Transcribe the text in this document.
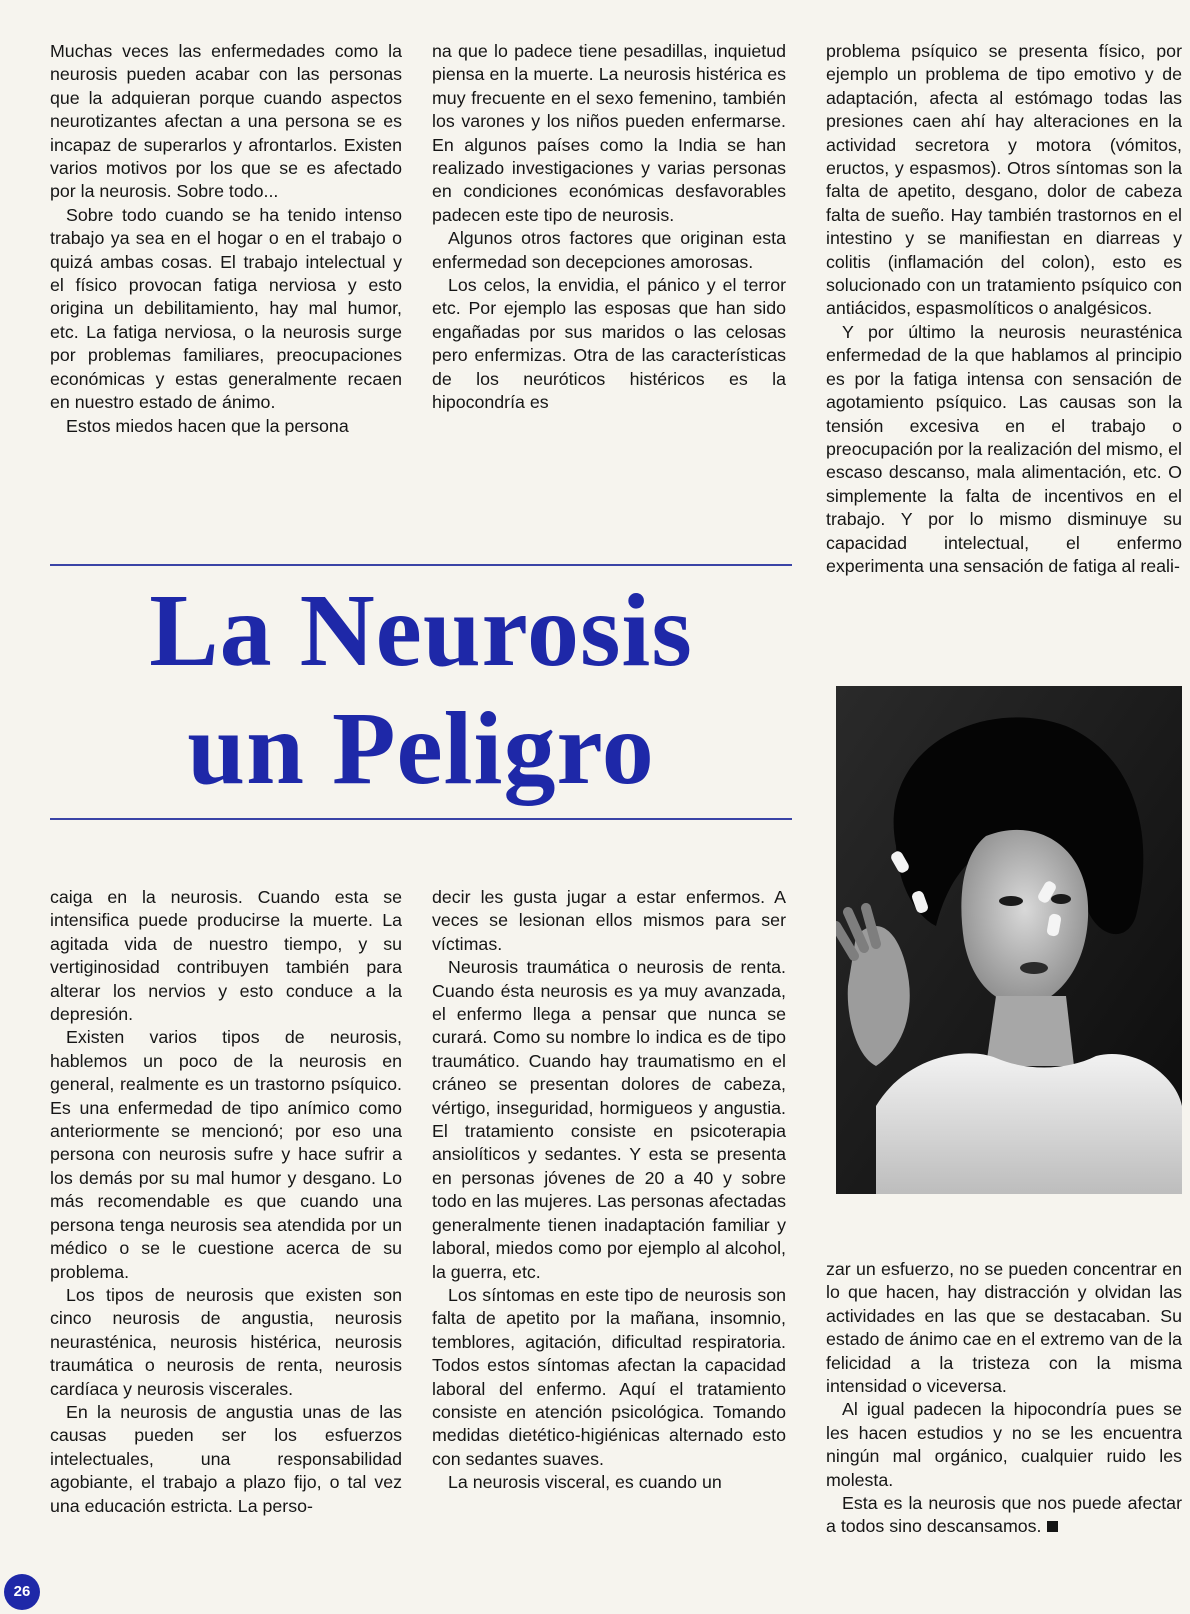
Muchas veces las enfermedades como la neurosis pueden acabar con las personas que la adquieran porque cuando aspectos neurotizantes afectan a una persona se es incapaz de superarlos y afrontarlos. Existen varios motivos por los que se es afectado por la neurosis. Sobre todo...

Sobre todo cuando se ha tenido intenso trabajo ya sea en el hogar o en el trabajo o quizá ambas cosas. El trabajo intelectual y el físico provocan fatiga nerviosa y esto origina un debilitamiento, hay mal humor, etc. La fatiga nerviosa, o la neurosis surge por problemas familiares, preocupaciones económicas y estas generalmente recaen en nuestro estado de ánimo.

Estos miedos hacen que la persona

na que lo padece tiene pesadillas, inquietud piensa en la muerte. La neurosis histérica es muy frecuente en el sexo femenino, también los varones y los niños pueden enfermarse. En algunos países como la India se han realizado investigaciones y varias personas en condiciones económicas desfavorables padecen este tipo de neurosis.

Algunos otros factores que originan esta enfermedad son decepciones amorosas.

Los celos, la envidia, el pánico y el terror etc. Por ejemplo las esposas que han sido engañadas por sus maridos o las celosas pero enfermizas. Otra de las características de los neuróticos histéricos es la hipocondría es

problema psíquico se presenta físico, por ejemplo un problema de tipo emotivo y de adaptación, afecta al estómago todas las presiones caen ahí hay alteraciones en la actividad secretora y motora (vómitos, eructos, y espasmos). Otros síntomas son la falta de apetito, desgano, dolor de cabeza falta de sueño. Hay también trastornos en el intestino y se manifiestan en diarreas y colitis (inflamación del colon), esto es solucionado con un tratamiento psíquico con antiácidos, espasmolíticos o analgésicos.

Y por último la neurosis neurasténica enfermedad de la que hablamos al principio es por la fatiga intensa con sensación de agotamiento psíquico. Las causas son la tensión excesiva en el trabajo o preocupación por la realización del mismo, el escaso descanso, mala alimentación, etc. O simplemente la falta de incentivos en el trabajo. Y por lo mismo disminuye su capacidad intelectual, el enfermo experimenta una sensación de fatiga al reali-

La Neurosis
un Peligro

caiga en la neurosis. Cuando esta se intensifica puede producirse la muerte. La agitada vida de nuestro tiempo, y su vertiginosidad contribuyen también para alterar los nervios y esto conduce a la depresión.

Existen varios tipos de neurosis, hablemos un poco de la neurosis en general, realmente es un trastorno psíquico. Es una enfermedad de tipo anímico como anteriormente se mencionó; por eso una persona con neurosis sufre y hace sufrir a los demás por su mal humor y desgano. Lo más recomendable es que cuando una persona tenga neurosis sea atendida por un médico o se le cuestione acerca de su problema.

Los tipos de neurosis que existen son cinco neurosis de angustia, neurosis neurasténica, neurosis histérica, neurosis traumática o neurosis de renta, neurosis cardíaca y neurosis viscerales.

En la neurosis de angustia unas de las causas pueden ser los esfuerzos intelectuales, una responsabilidad agobiante, el trabajo a plazo fijo, o tal vez una educación estricta. La perso-

decir les gusta jugar a estar enfermos. A veces se lesionan ellos mismos para ser víctimas.

Neurosis traumática o neurosis de renta. Cuando ésta neurosis es ya muy avanzada, el enfermo llega a pensar que nunca se curará. Como su nombre lo indica es de tipo traumático. Cuando hay traumatismo en el cráneo se presentan dolores de cabeza, vértigo, inseguridad, hormigueos y angustia. El tratamiento consiste en psicoterapia ansiolíticos y sedantes. Y esta se presenta en personas jóvenes de 20 a 40 y sobre todo en las mujeres. Las personas afectadas generalmente tienen inadaptación familiar y laboral, miedos como por ejemplo al alcohol, la guerra, etc.

Los síntomas en este tipo de neurosis son falta de apetito por la mañana, insomnio, temblores, agitación, dificultad respiratoria. Todos estos síntomas afectan la capacidad laboral del enfermo. Aquí el tratamiento consiste en atención psicológica. Tomando medidas dietético-higiénicas alternado esto con sedantes suaves.

La neurosis visceral, es cuando un

zar un esfuerzo, no se pueden concentrar en lo que hacen, hay distracción y olvidan las actividades en las que se destacaban. Su estado de ánimo cae en el extremo van de la felicidad a la tristeza con la misma intensidad o viceversa.

Al igual padecen la hipocondría pues se les hacen estudios y no se les encuentra ningún mal orgánico, cualquier ruido les molesta.

Esta es la neurosis que nos puede afectar a todos sino descansamos.

26
